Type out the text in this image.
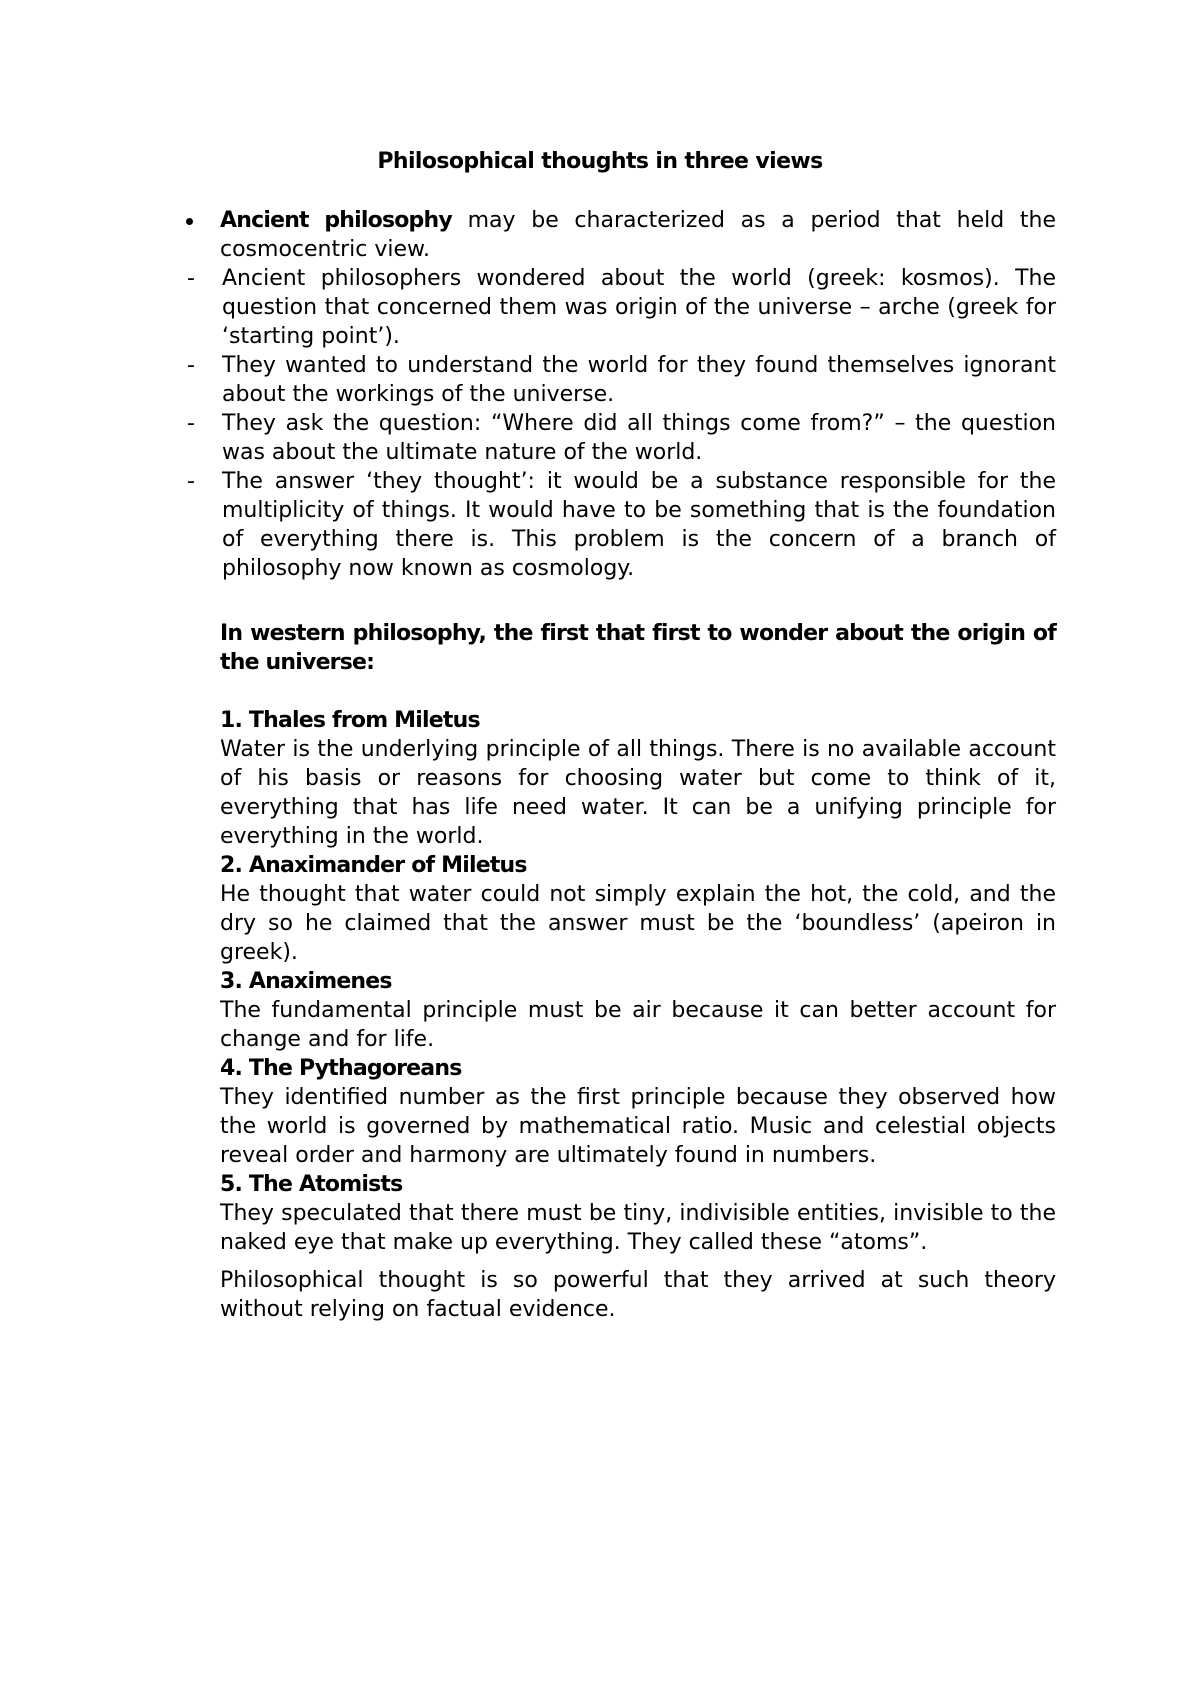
Philosophical thoughts in three views
Ancient philosophy may be characterized as a period that held the cosmocentric view.
- Ancient philosophers wondered about the world (greek: kosmos). The question that concerned them was origin of the universe – arche (greek for ‘starting point’).
- They wanted to understand the world for they found themselves ignorant about the workings of the universe.
- They ask the question: “Where did all things come from?” – the question was about the ultimate nature of the world.
- The answer ‘they thought’: it would be a substance responsible for the multiplicity of things. It would have to be something that is the foundation of everything there is. This problem is the concern of a branch of philosophy now known as cosmology.
In western philosophy, the first that first to wonder about the origin of the universe:
1. Thales from Miletus
Water is the underlying principle of all things. There is no available account of his basis or reasons for choosing water but come to think of it, everything that has life need water. It can be a unifying principle for everything in the world.
2. Anaximander of Miletus
He thought that water could not simply explain the hot, the cold, and the dry so he claimed that the answer must be the ‘boundless’ (apeiron in greek).
3. Anaximenes
The fundamental principle must be air because it can better account for change and for life.
4. The Pythagoreans
They identified number as the first principle because they observed how the world is governed by mathematical ratio. Music and celestial objects reveal order and harmony are ultimately found in numbers.
5. The Atomists
They speculated that there must be tiny, indivisible entities, invisible to the naked eye that make up everything. They called these “atoms”.
Philosophical thought is so powerful that they arrived at such theory without relying on factual evidence.
